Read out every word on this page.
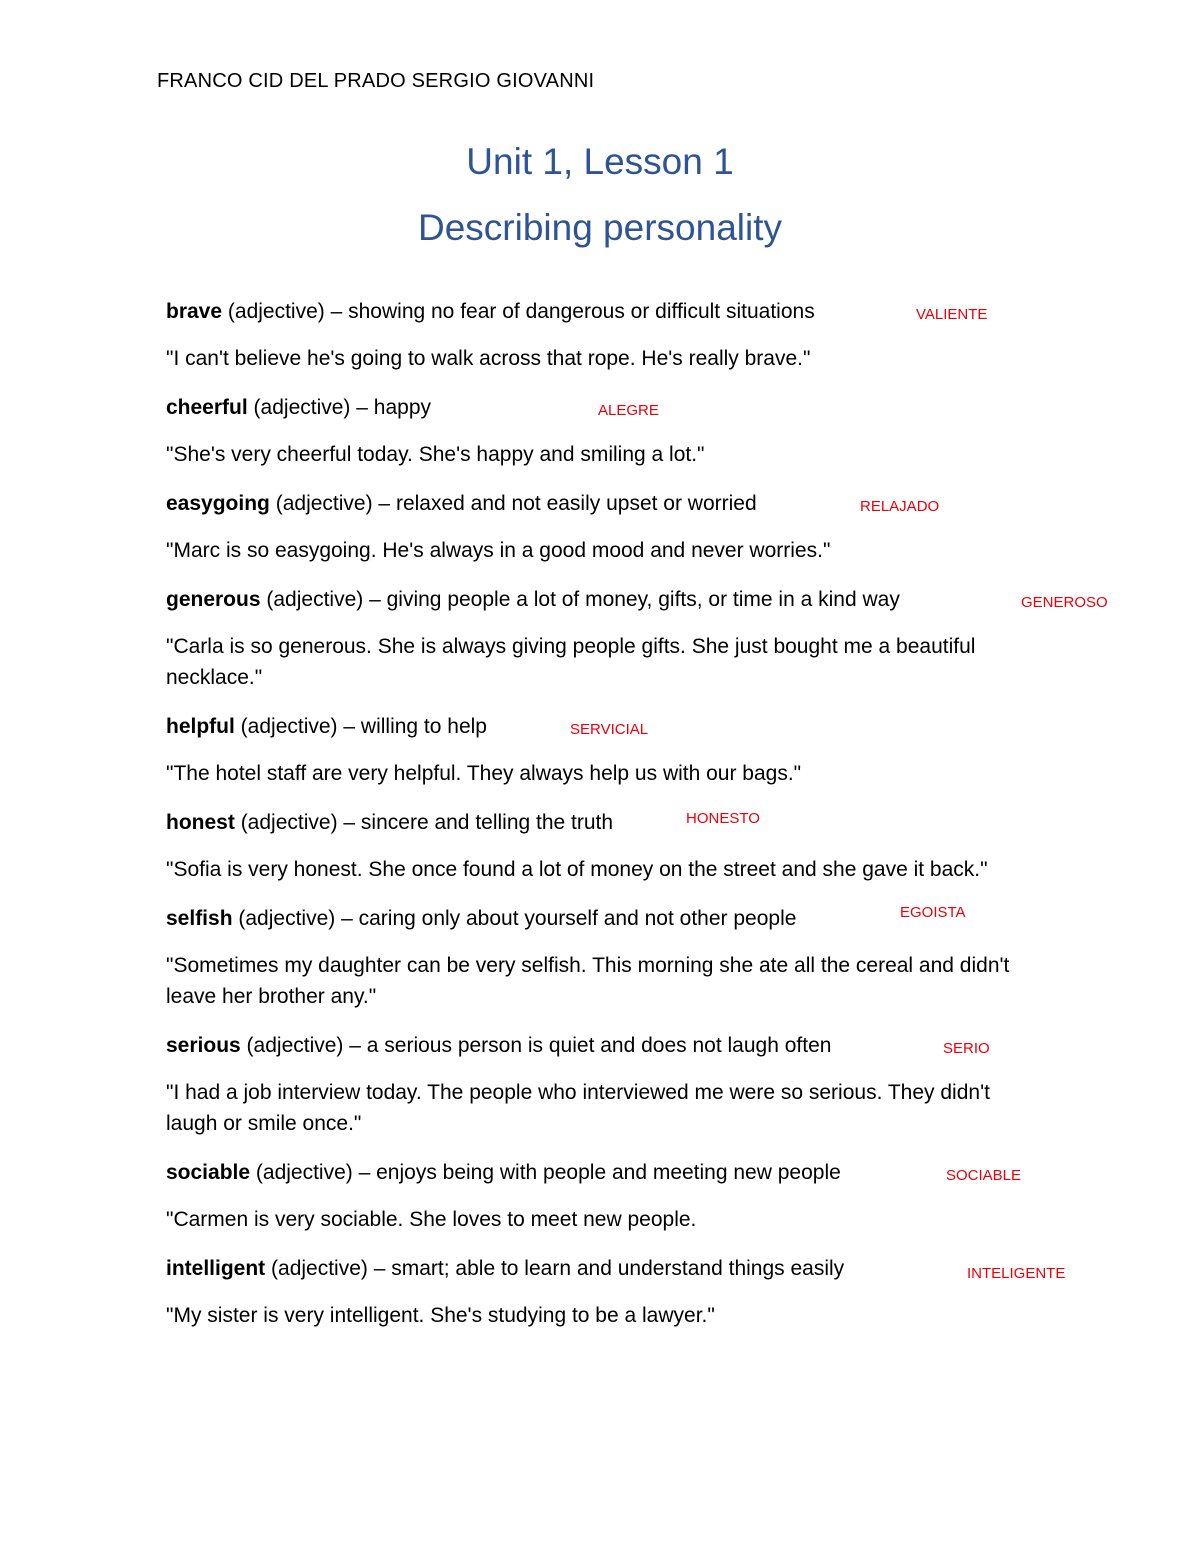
FRANCO CID DEL PRADO SERGIO GIOVANNI
Unit 1, Lesson 1
Describing personality
brave (adjective) – showing no fear of dangerous or difficult situations	VALIENTE
"I can't believe he's going to walk across that rope. He's really brave."
cheerful (adjective) – happy	ALEGRE
"She's very cheerful today. She's happy and smiling a lot."
easygoing (adjective) – relaxed and not easily upset or worried	RELAJADO
"Marc is so easygoing. He's always in a good mood and never worries."
generous (adjective) – giving people a lot of money, gifts, or time in a kind way	GENEROSO
"Carla is so generous. She is always giving people gifts. She just bought me a beautiful necklace."
helpful (adjective) – willing to help	SERVICIAL
"The hotel staff are very helpful. They always help us with our bags."
honest (adjective) – sincere and telling the truth	HONESTO
"Sofia is very honest. She once found a lot of money on the street and she gave it back."
selfish (adjective) – caring only about yourself and not other people	EGOISTA
"Sometimes my daughter can be very selfish. This morning she ate all the cereal and didn't leave her brother any."
serious (adjective) – a serious person is quiet and does not laugh often	SERIO
"I had a job interview today. The people who interviewed me were so serious. They didn't laugh or smile once."
sociable (adjective) – enjoys being with people and meeting new people	SOCIABLE
"Carmen is very sociable. She loves to meet new people.
intelligent (adjective) – smart; able to learn and understand things easily	INTELIGENTE
"My sister is very intelligent. She's studying to be a lawyer."
